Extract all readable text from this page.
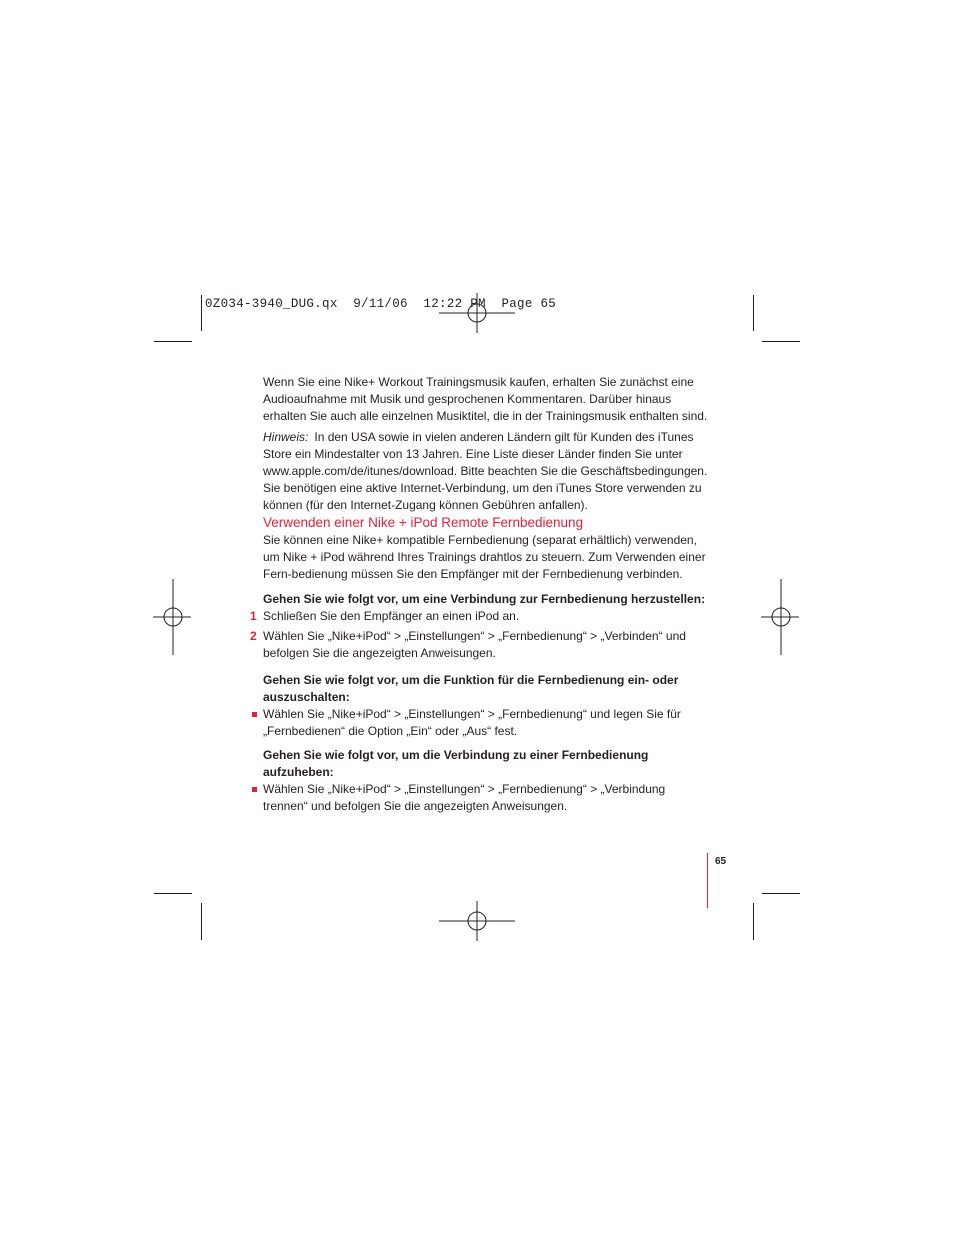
0Z034-3940_DUG.qx  9/11/06  12:22 PM  Page 65

Wenn Sie eine Nike+ Workout Trainingsmusik kaufen, erhalten Sie zunächst eine Audioaufnahme mit Musik und gesprochenen Kommentaren. Darüber hinaus erhalten Sie auch alle einzelnen Musiktitel, die in der Trainingsmusik enthalten sind.

Hinweis: In den USA sowie in vielen anderen Ländern gilt für Kunden des iTunes Store ein Mindestalter von 13 Jahren. Eine Liste dieser Länder finden Sie unter www.apple.com/de/itunes/download. Bitte beachten Sie die Geschäftsbedingungen. Sie benötigen eine aktive Internet-Verbindung, um den iTunes Store verwenden zu können (für den Internet-Zugang können Gebühren anfallen).

Verwenden einer Nike + iPod Remote Fernbedienung

Sie können eine Nike+ kompatible Fernbedienung (separat erhältlich) verwenden, um Nike + iPod während Ihres Trainings drahtlos zu steuern. Zum Verwenden einer Fern-bedienung müssen Sie den Empfänger mit der Fernbedienung verbinden.

Gehen Sie wie folgt vor, um eine Verbindung zur Fernbedienung herzustellen:

1 Schließen Sie den Empfänger an einen iPod an.

2 Wählen Sie „Nike+iPod“ > „Einstellungen“ > „Fernbedienung“ > „Verbinden“ und befolgen Sie die angezeigten Anweisungen.

Gehen Sie wie folgt vor, um die Funktion für die Fernbedienung ein- oder auszuschalten:

Wählen Sie „Nike+iPod“ > „Einstellungen“ > „Fernbedienung“ und legen Sie für „Fernbedienen“ die Option „Ein“ oder „Aus“ fest.

Gehen Sie wie folgt vor, um die Verbindung zu einer Fernbedienung aufzuheben:

Wählen Sie „Nike+iPod“ > „Einstellungen“ > „Fernbedienung“ > „Verbindung trennen“ und befolgen Sie die angezeigten Anweisungen.

65
